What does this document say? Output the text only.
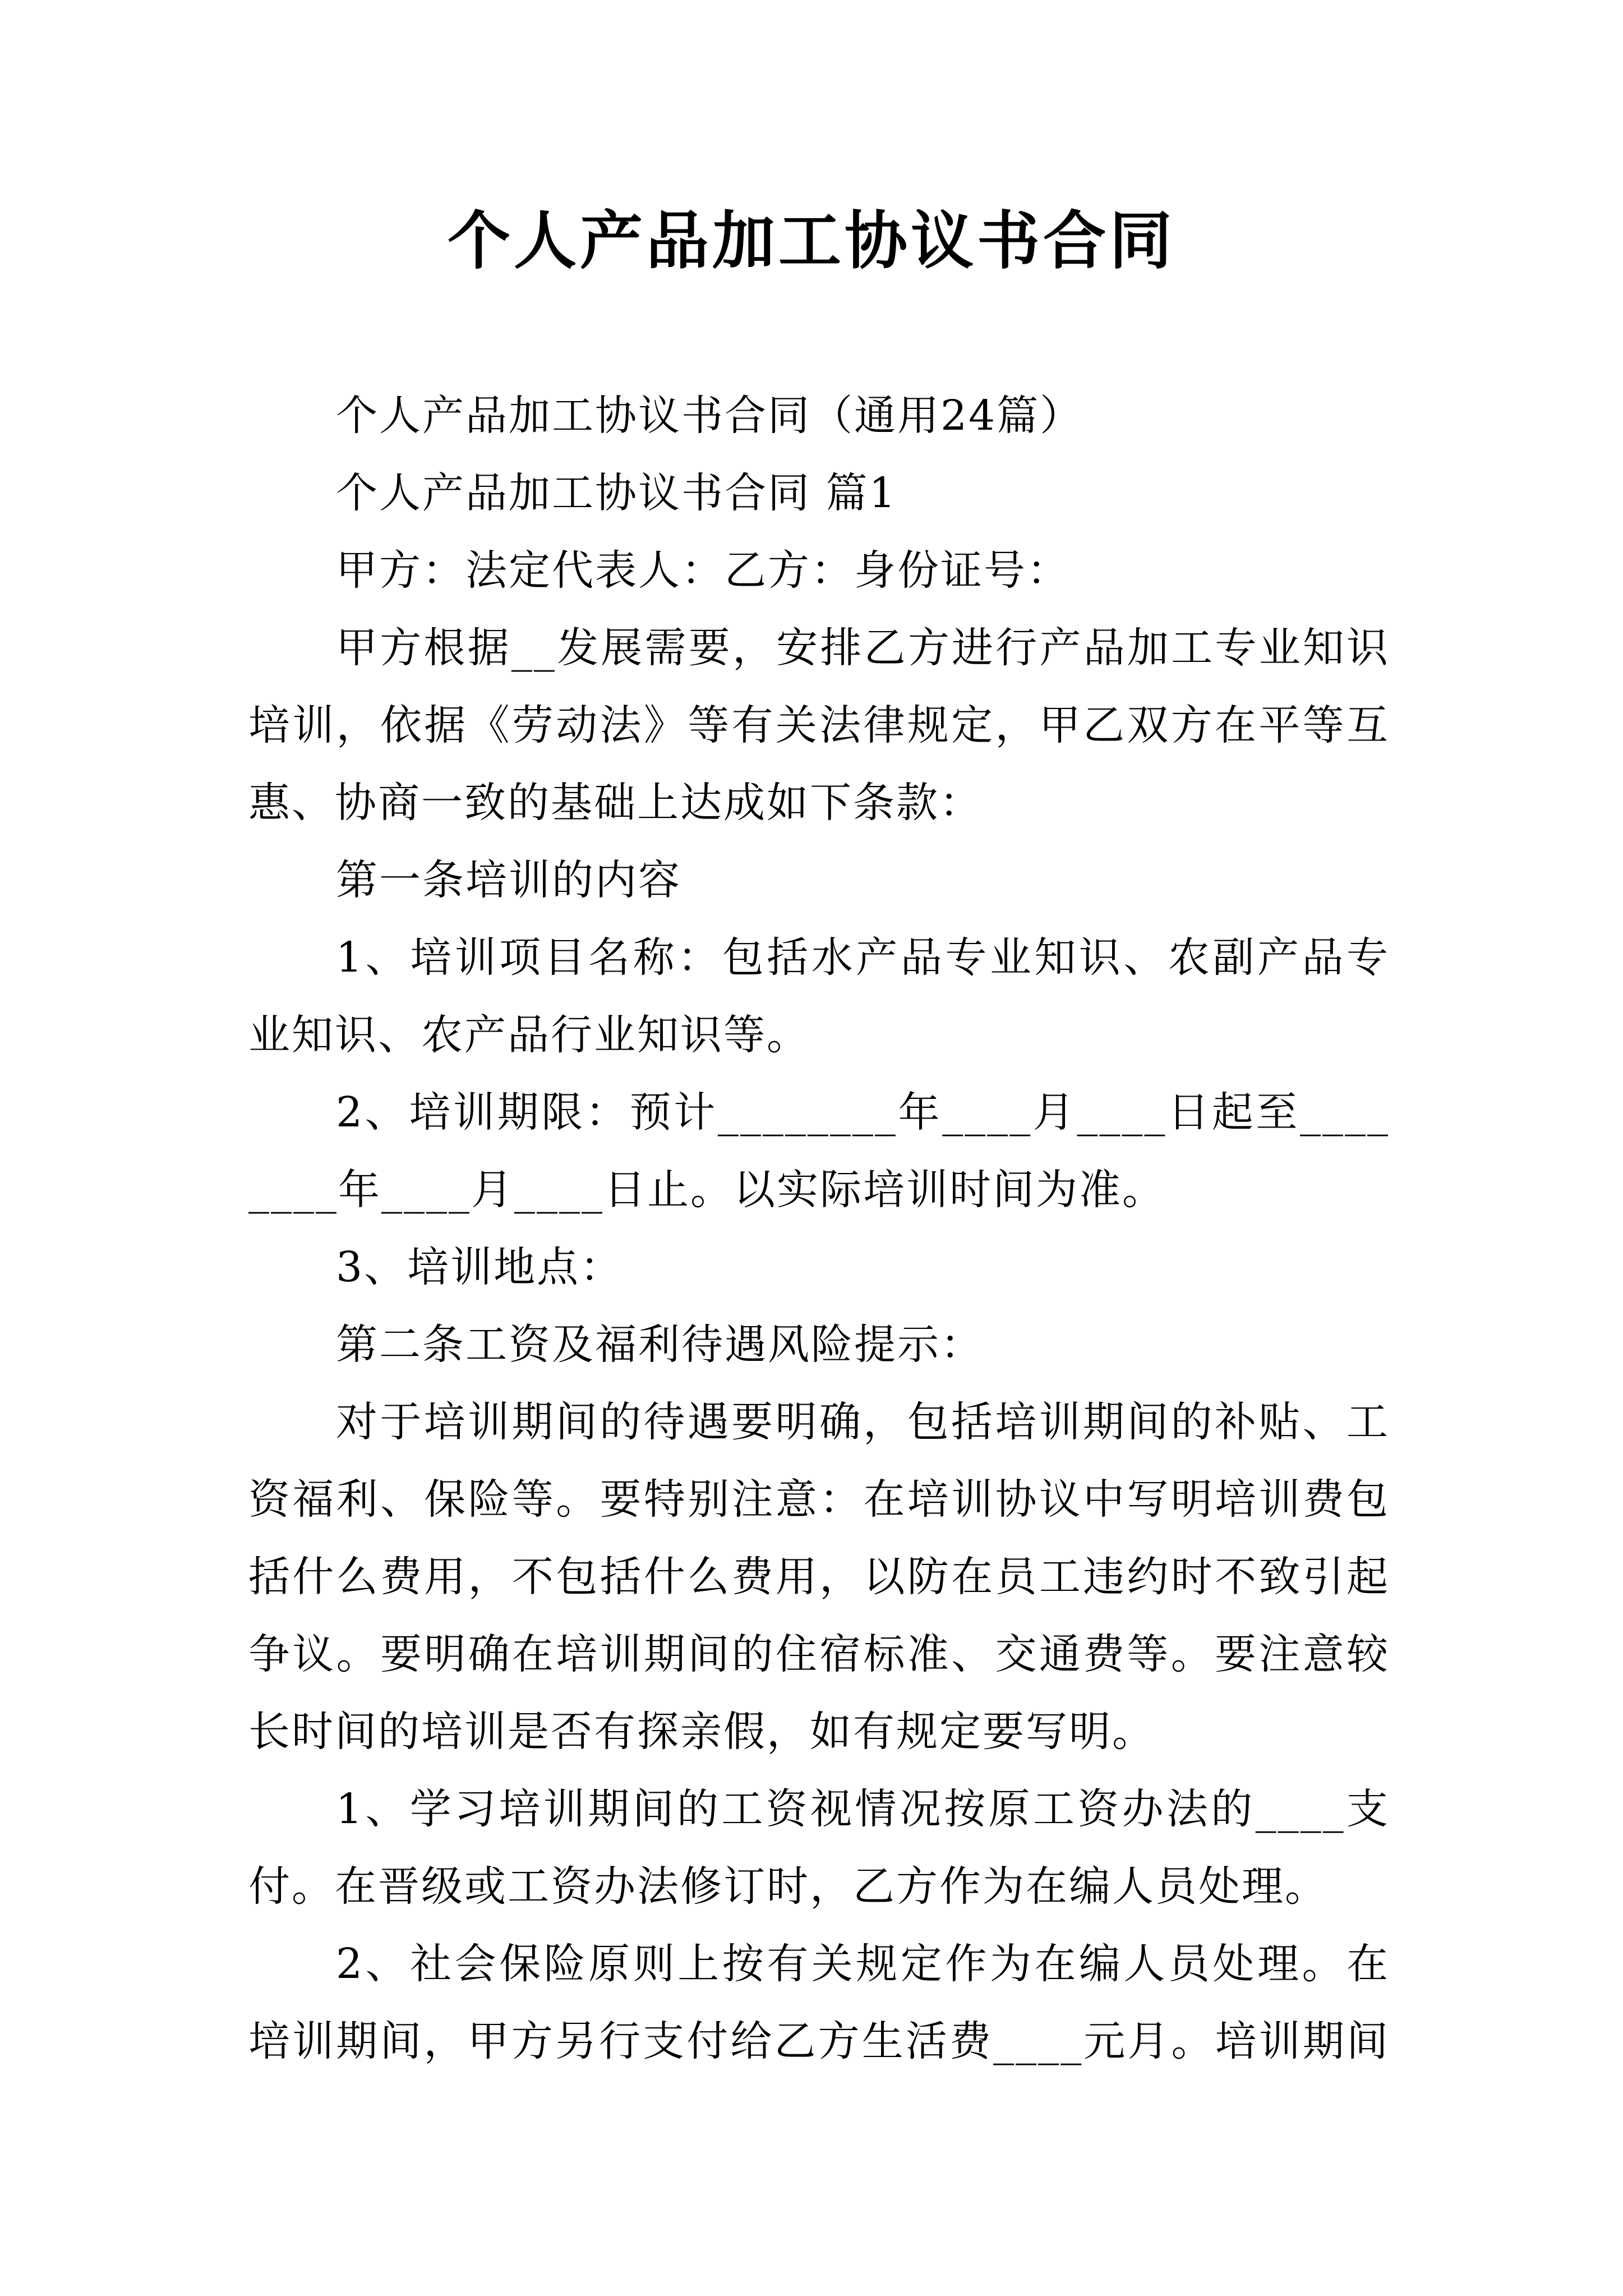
个人产品加工协议书合同

个人产品加工协议书合同（通用24篇）

个人产品加工协议书合同 篇1

甲方：法定代表人：乙方：身份证号：

甲方根据__发展需要，安排乙方进行产品加工专业知识培训，依据《劳动法》等有关法律规定，甲乙双方在平等互惠、协商一致的基础上达成如下条款：

第一条培训的内容

1、培训项目名称：包括水产品专业知识、农副产品专业知识、农产品行业知识等。

2、培训期限：预计________年____月____日起至________年____月____日止。以实际培训时间为准。

3、培训地点：

第二条工资及福利待遇风险提示：

对于培训期间的待遇要明确，包括培训期间的补贴、工资福利、保险等。要特别注意：在培训协议中写明培训费包括什么费用，不包括什么费用，以防在员工违约时不致引起争议。要明确在培训期间的住宿标准、交通费等。要注意较长时间的培训是否有探亲假，如有规定要写明。

1、学习培训期间的工资视情况按原工资办法的____支付。在晋级或工资办法修订时，乙方作为在编人员处理。

2、社会保险原则上按有关规定作为在编人员处理。在培训期间，甲方另行支付给乙方生活费____元月。培训期间
